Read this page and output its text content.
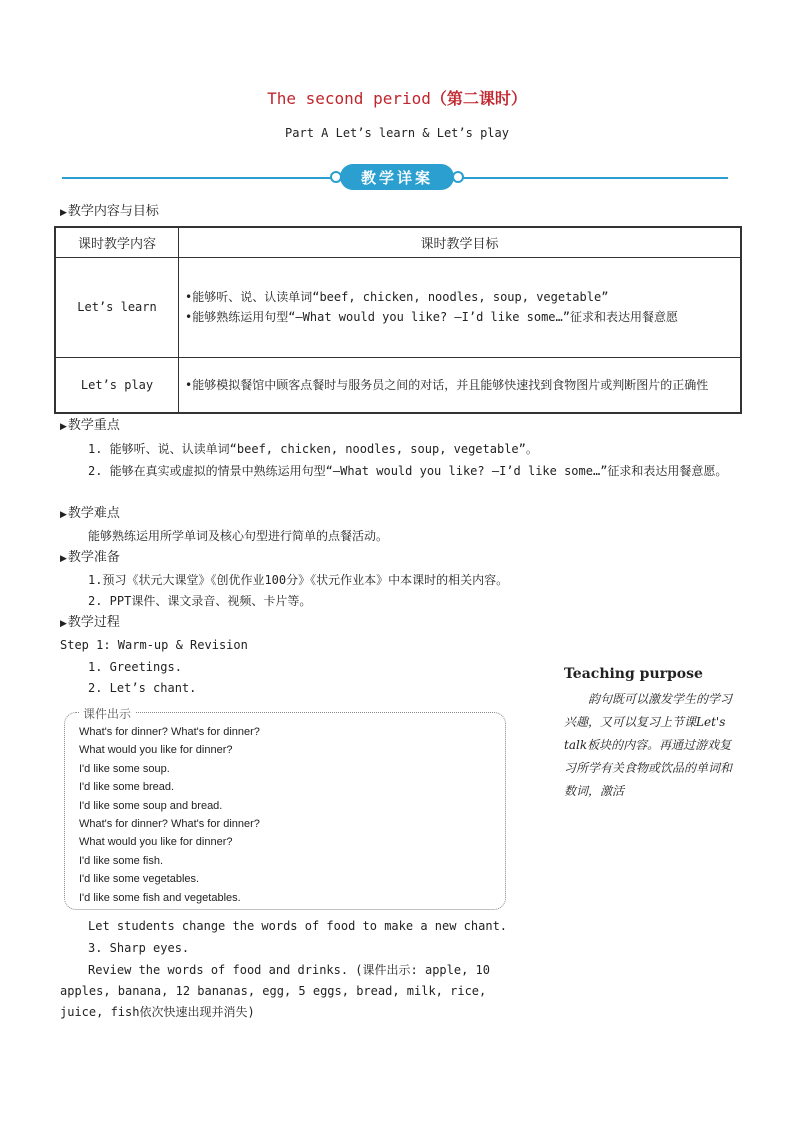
The second period（第二课时）
Part A Let’s learn & Let’s play
教学详案
▶教学内容与目标
课时教学内容	课时教学目标
Let’s learn	•能够听、说、认读单词“beef, chicken, noodles, soup, vegetable”
•能够熟练运用句型“—What would you like? —I’d like some…”征求和表达用餐意愿

Let’s play	•能够模拟餐馆中顾客点餐时与服务员之间的对话，并且能够快速找到食物图片或判断图片的正确性
▶教学重点
1. 能够听、说、认读单词“beef, chicken, noodles, soup, vegetable”。
2. 能够在真实或虚拟的情景中熟练运用句型“—What would you like? —I’d like some…”征求和表达用餐意愿。
▶教学难点
能够熟练运用所学单词及核心句型进行简单的点餐活动。
▶教学准备
1.预习《状元大课堂》《创优作业100分》《状元作业本》中本课时的相关内容。
2. PPT课件、课文录音、视频、卡片等。
▶教学过程
Step 1: Warm-up & Revision
1. Greetings.
2. Let’s chant.
课件出示
What's for dinner? What's for dinner?
What would you like for dinner?
I'd like some soup.
I'd like some bread.
I'd like some soup and bread.
What's for dinner? What's for dinner?
What would you like for dinner?
I'd like some fish.
I'd like some vegetables.
I'd like some fish and vegetables.
Let students change the words of food to make a new chant.
3. Sharp eyes.
Review the words of food and drinks. (课件出示: apple, 10 apples, banana, 12 bananas, egg, 5 eggs, bread, milk, rice, juice, fish依次快速出现并消失)
Teaching purpose
韵句既可以激发学生的学习兴趣，又可以复习上节课Let's talk板块的内容。再通过游戏复习所学有关食物或饮品的单词和数词，激活
